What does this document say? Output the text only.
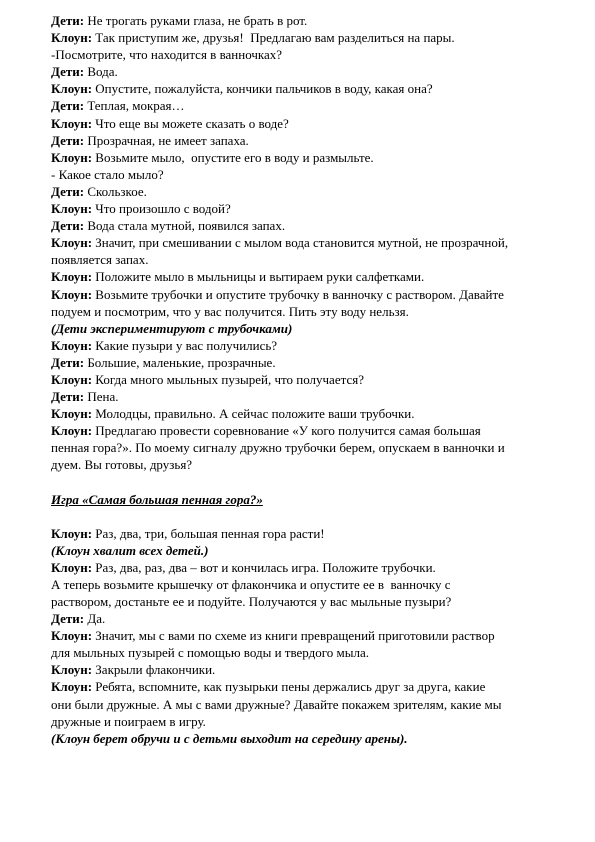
Дети: Не трогать руками глаза, не брать в рот.
Клоун: Так приступим же, друзья!  Предлагаю вам разделиться на пары.
-Посмотрите, что находится в ванночках?
Дети: Вода.
Клоун: Опустите, пожалуйста, кончики пальчиков в воду, какая она?
Дети: Теплая, мокрая…
Клоун: Что еще вы можете сказать о воде?
Дети: Прозрачная, не имеет запаха.
Клоун: Возьмите мыло,  опустите его в воду и размыльте.
- Какое стало мыло?
Дети: Скользкое.
Клоун: Что произошло с водой?
Дети: Вода стала мутной, появился запах.
Клоун: Значит, при смешивании с мылом вода становится мутной, не прозрачной,
появляется запах.
Клоун: Положите мыло в мыльницы и вытираем руки салфетками.
Клоун: Возьмите трубочки и опустите трубочку в ванночку с раствором. Давайте
подуем и посмотрим, что у вас получится. Пить эту воду нельзя.
(Дети экспериментируют с трубочками)
Клоун: Какие пузыри у вас получились?
Дети: Большие, маленькие, прозрачные.
Клоун: Когда много мыльных пузырей, что получается?
Дети: Пена.
Клоун: Молодцы, правильно. А сейчас положите ваши трубочки.
Клоун: Предлагаю провести соревнование «У кого получится самая большая
пенная гора?». По моему сигналу дружно трубочки берем, опускаем в ванночки и
дуем. Вы готовы, друзья?
Игра «Самая большая пенная гора?»
Клоун: Раз, два, три, большая пенная гора расти!
(Клоун хвалит всех детей.)
Клоун: Раз, два, раз, два – вот и кончилась игра. Положите трубочки.
А теперь возьмите крышечку от флакончика и опустите ее в  ванночку с
раствором, достаньте ее и подуйте. Получаются у вас мыльные пузыри?
Дети: Да.
Клоун: Значит, мы с вами по схеме из книги превращений приготовили раствор
для мыльных пузырей с помощью воды и твердого мыла.
Клоун: Закрыли флакончики.
Клоун: Ребята, вспомните, как пузырьки пены держались друг за друга, какие
они были дружные. А мы с вами дружные? Давайте покажем зрителям, какие мы
дружные и поиграем в игру.
(Клоун берет обручи и с детьми выходит на середину арены).
